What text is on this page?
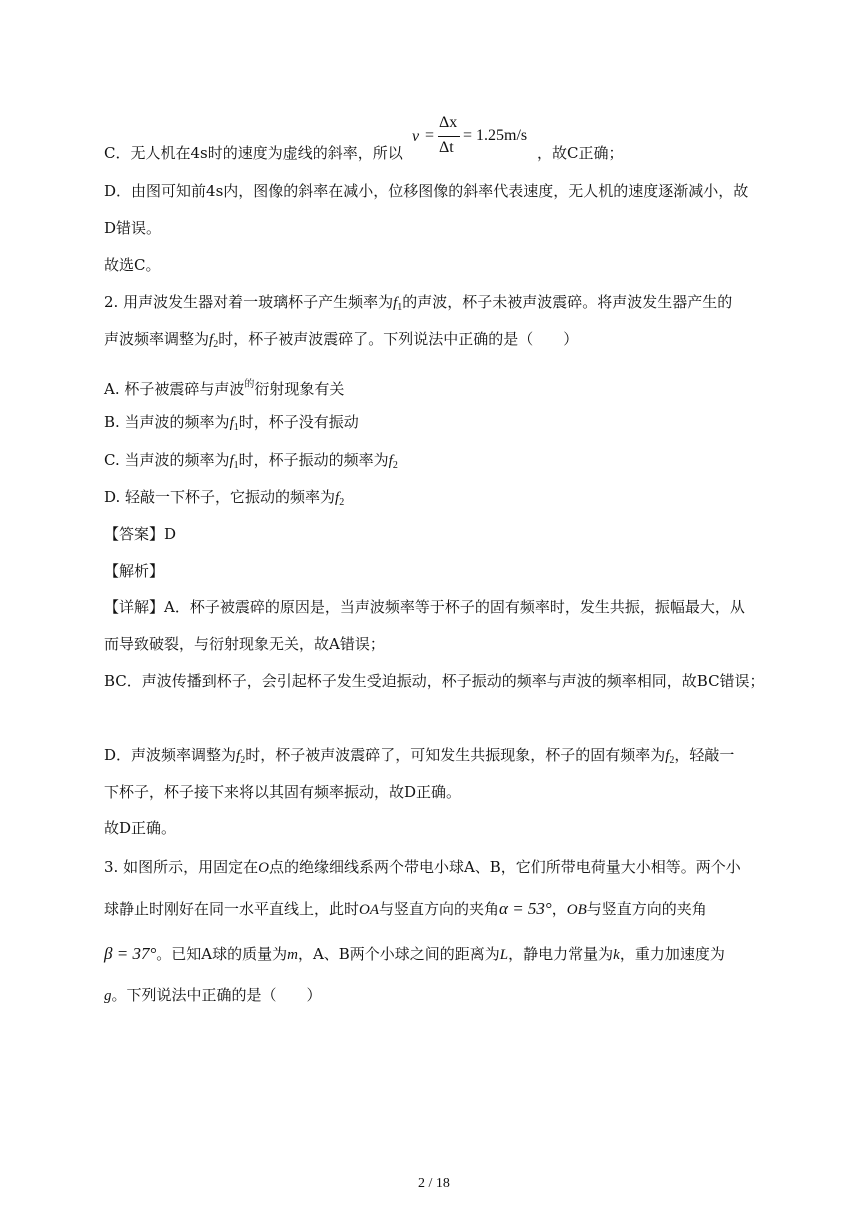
C．无人机在4s时的速度为虚线的斜率，所以
v =
Δx
Δt
= 1.25m/s
，故C正确；
D．由图可知前4s内，图像的斜率在减小，位移图像的斜率代表速度，无人机的速度逐渐减小，故
D错误。
故选C。
2. 用声波发生器对着一玻璃杯子产生频率为$f_1$的声波，杯子未被声波震碎。将声波发生器产生的
声波频率调整为$f_2$时，杯子被声波震碎了。下列说法中正确的是（　　）
A. 杯子被震碎与声波$^的$衍射现象有关
B. 当声波的频率为$f_1$时，杯子没有振动
C. 当声波的频率为$f_1$时，杯子振动的频率为$f_2$
D. 轻敲一下杯子，它振动的频率为$f_2$
【答案】D
【解析】
【详解】A．杯子被震碎的原因是，当声波频率等于杯子的固有频率时，发生共振，振幅最大，从
而导致破裂，与衍射现象无关，故A错误；
BC．声波传播到杯子，会引起杯子发生受迫振动，杯子振动的频率与声波的频率相同，故BC错误；
D．声波频率调整为$f_2$时，杯子被声波震碎了，可知发生共振现象，杯子的固有频率为$f_2$，轻敲一
下杯子，杯子接下来将以其固有频率振动，故D正确。
故D正确。
3. 如图所示，用固定在O点的绝缘细线系两个带电小球A、B，它们所带电荷量大小相等。两个小
球静止时刚好在同一水平直线上，此时OA与竖直方向的夹角α = 53°，OB与竖直方向的夹角
β = 37°。已知A球的质量为m，A、B两个小球之间的距离为L，静电力常量为k，重力加速度为
g。下列说法中正确的是（　　）
2 / 18
